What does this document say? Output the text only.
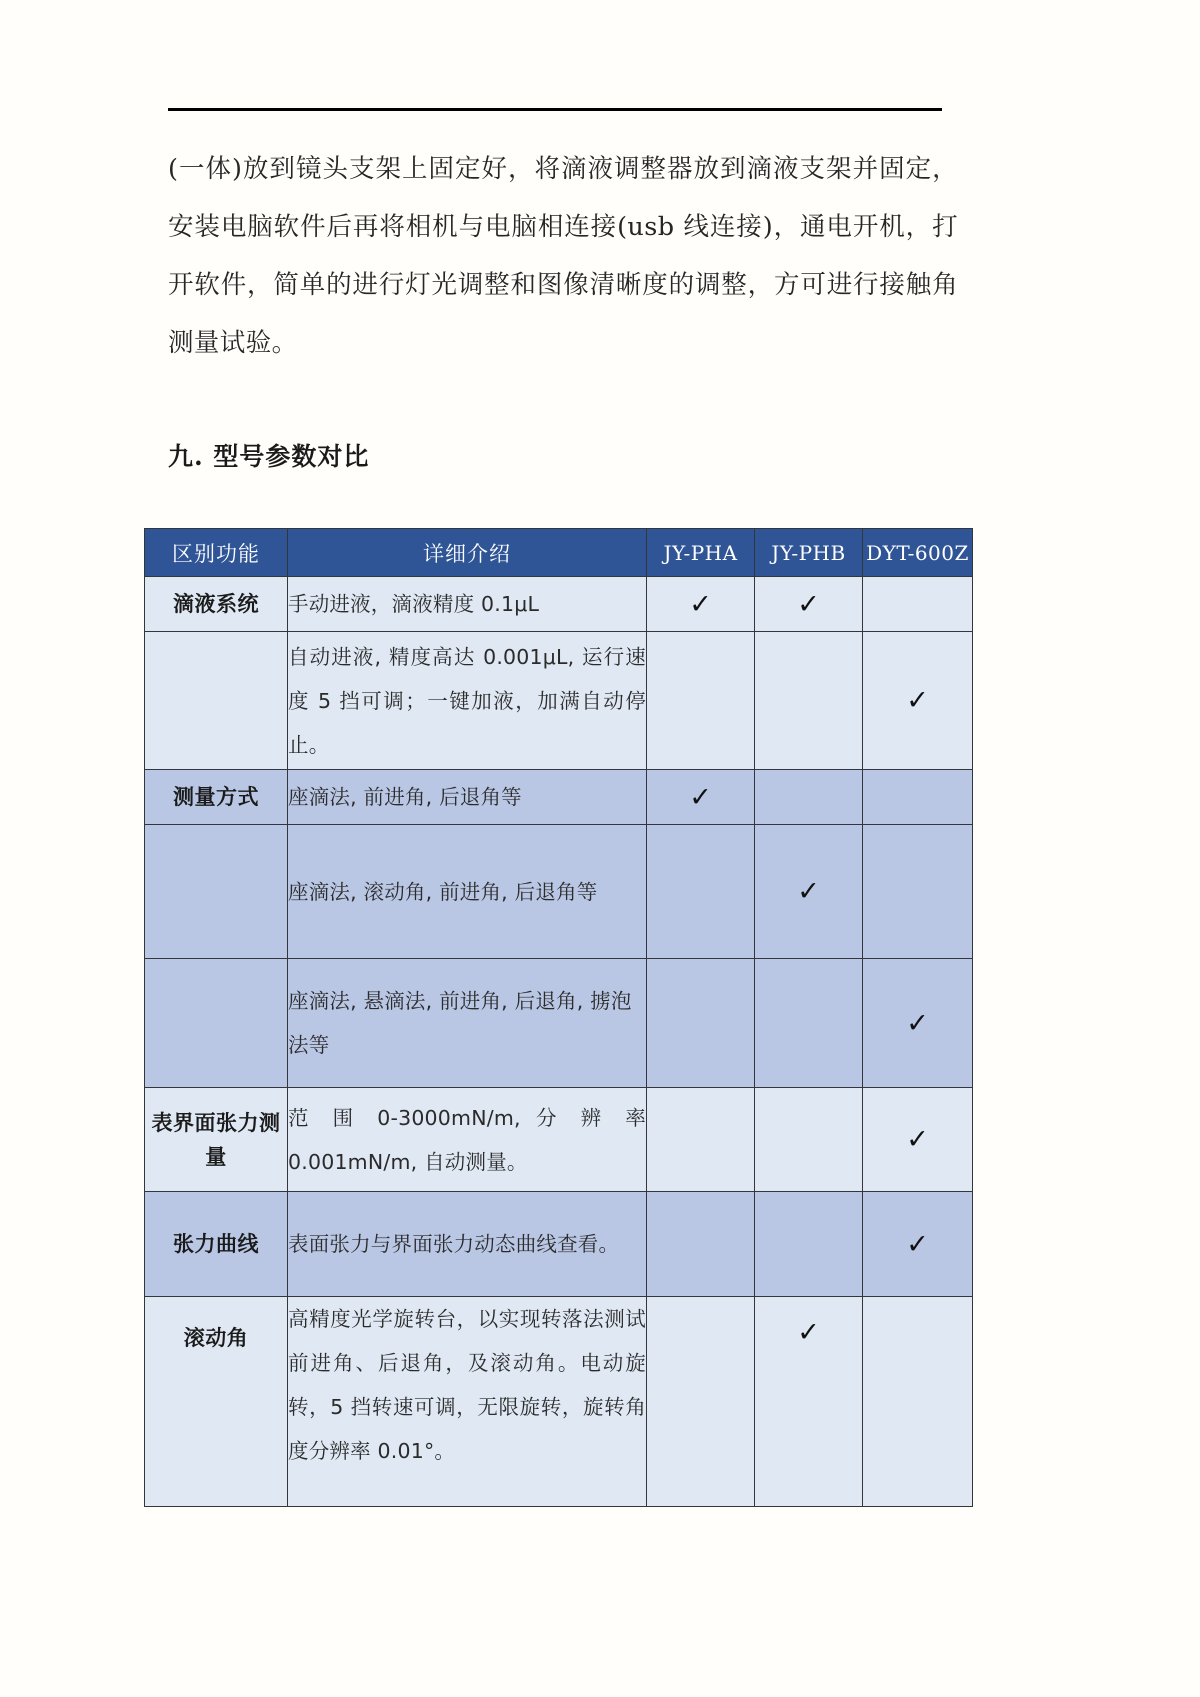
(一体)放到镜头支架上固定好，将滴液调整器放到滴液支架并固定，安装电脑软件后再将相机与电脑相连接(usb 线连接)，通电开机，打开软件，简单的进行灯光调整和图像清晰度的调整，方可进行接触角测量试验。
九. 型号参数对比
区别功能	详细介绍	JY-PHA	JY-PHB	DYT-600Z
滴液系统	手动进液，滴液精度 0.1μL	✓	✓	
	自动进液, 精度高达 0.001μL, 运行速度 5 挡可调；一键加液，加满自动停止。			✓
测量方式	座滴法, 前进角, 后退角等	✓		
	座滴法, 滚动角, 前进角, 后退角等		✓	
	座滴法, 悬滴法, 前进角, 后退角, 掳泡法等			✓
表界面张力测量	范 围 0-3000mN/m, 分 辨 率 0.001mN/m, 自动测量。			✓
张力曲线	表面张力与界面张力动态曲线查看。			✓
滚动角	高精度光学旋转台，以实现转落法测试前进角、后退角，及滚动角。电动旋转，5 挡转速可调，无限旋转，旋转角度分辨率 0.01°。		✓	
